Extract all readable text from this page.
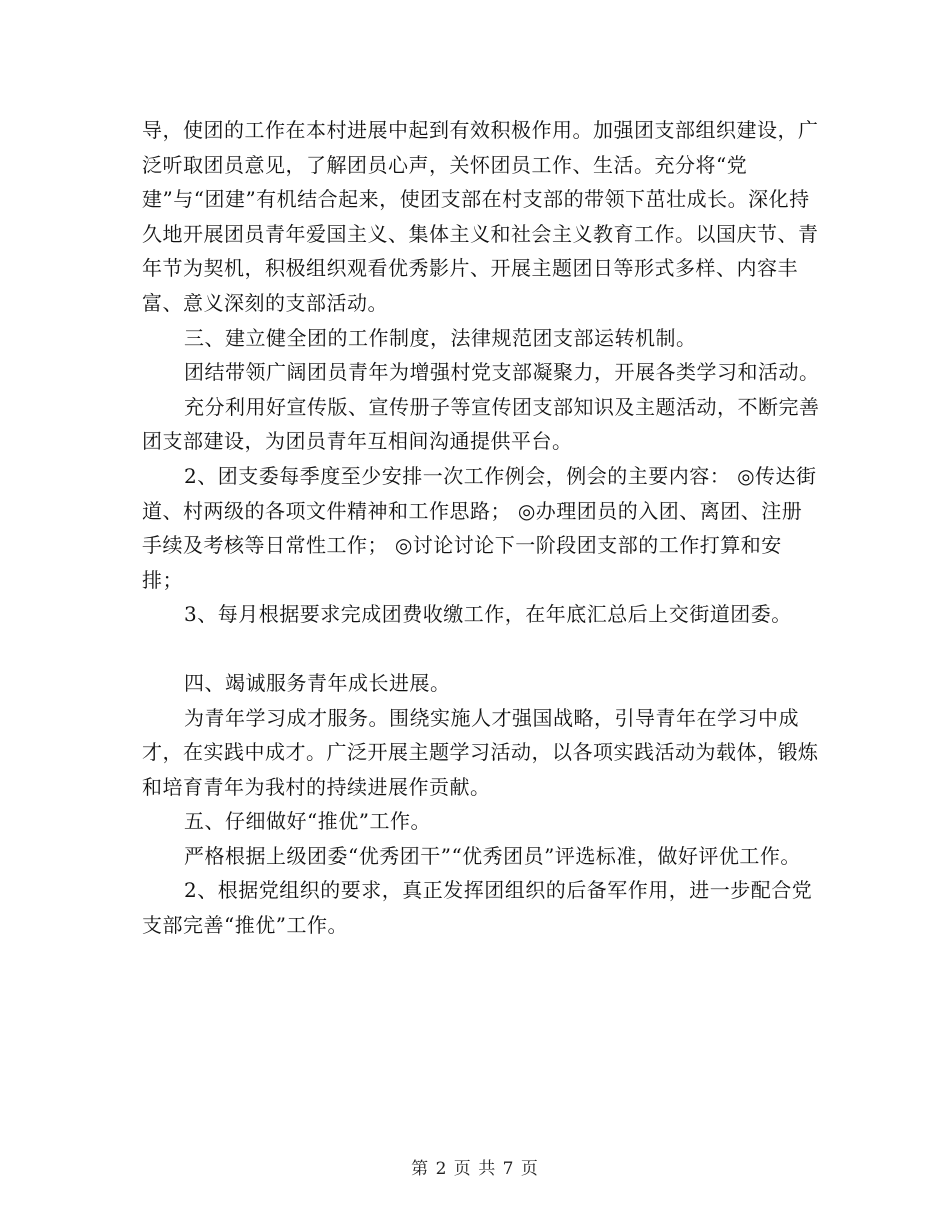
导，使团的工作在本村进展中起到有效积极作用。加强团支部组织建设，广泛听取团员意见，了解团员心声，关怀团员工作、生活。充分将“党建”与“团建”有机结合起来，使团支部在村支部的带领下茁壮成长。深化持久地开展团员青年爱国主义、集体主义和社会主义教育工作。以国庆节、青年节为契机，积极组织观看优秀影片、开展主题团日等形式多样、内容丰富、意义深刻的支部活动。

三、建立健全团的工作制度，法律规范团支部运转机制。

团结带领广阔团员青年为增强村党支部凝聚力，开展各类学习和活动。

充分利用好宣传版、宣传册子等宣传团支部知识及主题活动，不断完善团支部建设，为团员青年互相间沟通提供平台。

2、团支委每季度至少安排一次工作例会，例会的主要内容： ◎传达街道、村两级的各项文件精神和工作思路； ◎办理团员的入团、离团、注册手续及考核等日常性工作； ◎讨论讨论下一阶段团支部的工作打算和安排；

3、每月根据要求完成团费收缴工作，在年底汇总后上交街道团委。

四、竭诚服务青年成长进展。

为青年学习成才服务。围绕实施人才强国战略，引导青年在学习中成才，在实践中成才。广泛开展主题学习活动，以各项实践活动为载体，锻炼和培育青年为我村的持续进展作贡献。

五、仔细做好“推优”工作。

严格根据上级团委“优秀团干”“优秀团员”评选标准，做好评优工作。

2、根据党组织的要求，真正发挥团组织的后备军作用，进一步配合党支部完善“推优”工作。

第 2 页 共 7 页
